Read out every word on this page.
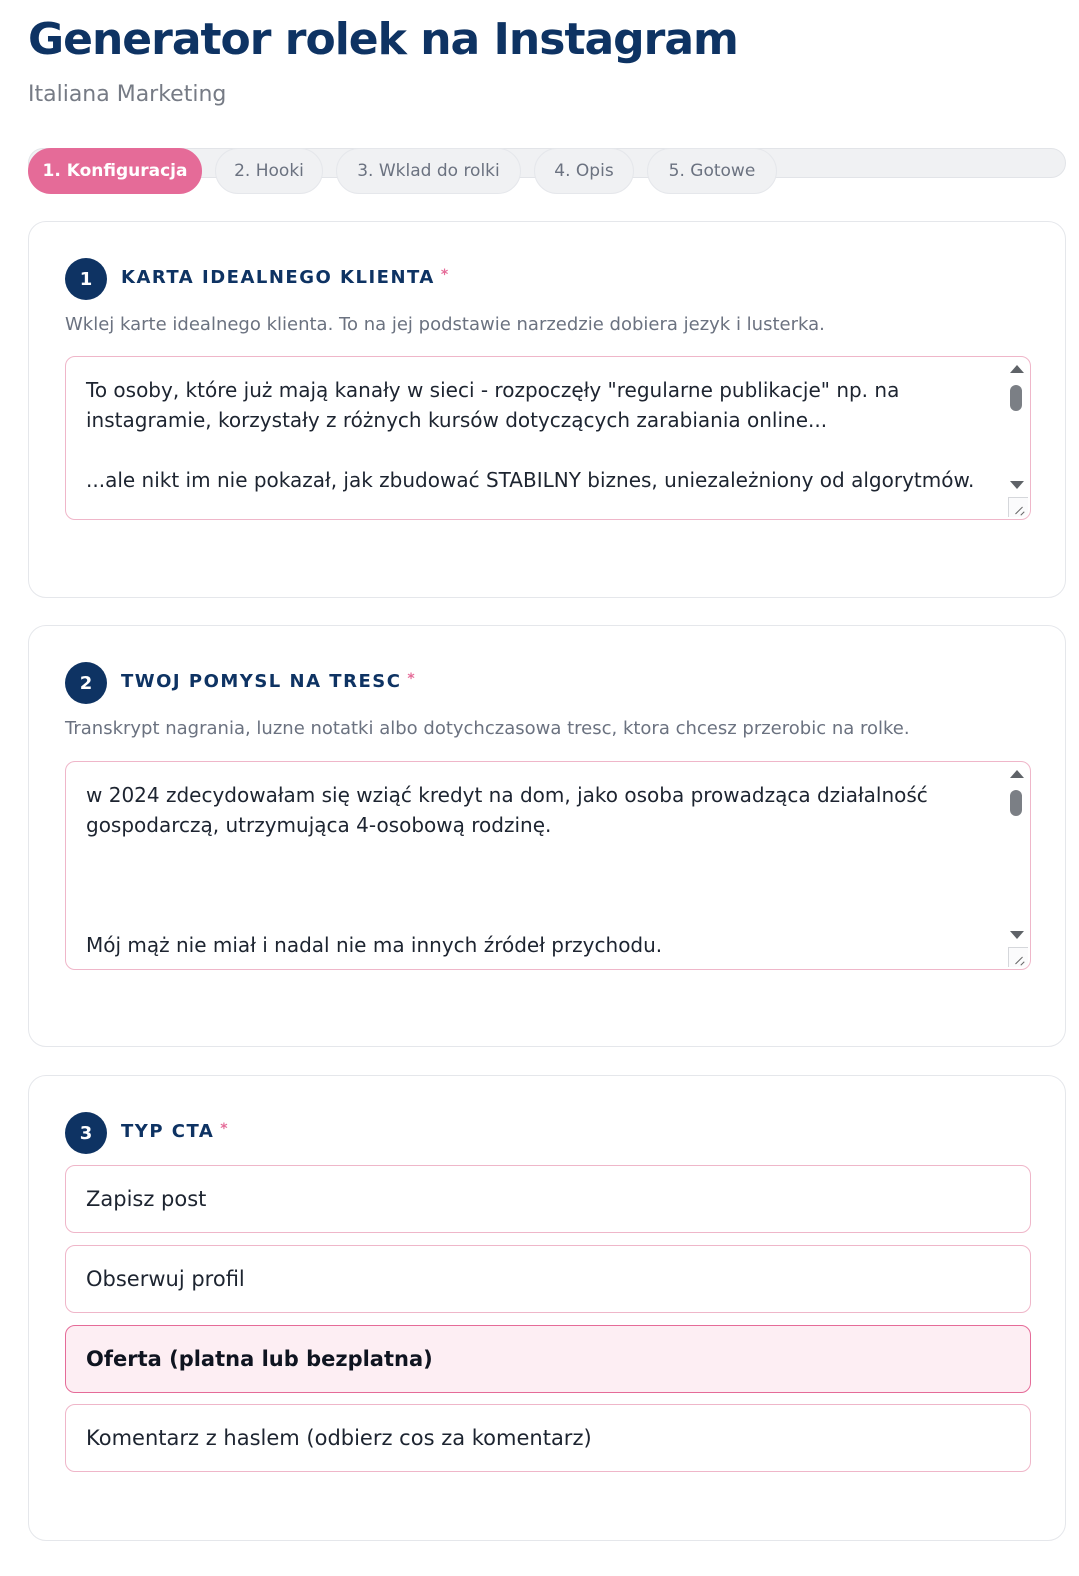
Generator rolek na Instagram
Italiana Marketing
1. Konfiguracja	2. Hooki	3. Wklad do rolki	4. Opis	5. Gotowe
1	KARTA IDEALNEGO KLIENTA *
Wklej karte idealnego klienta. To na jej podstawie narzedzie dobiera jezyk i lusterka.
To osoby, które już mają kanały w sieci - rozpoczęły "regularne publikacje" np. na instagramie, korzystały z różnych kursów dotyczących zarabiania online...

...ale nikt im nie pokazał, jak zbudować STABILNY biznes, uniezależniony od algorytmów.
2	TWOJ POMYSL NA TRESC *
Transkrypt nagrania, luzne notatki albo dotychczasowa tresc, ktora chcesz przerobic na rolke.
w 2024 zdecydowałam się wziąć kredyt na dom, jako osoba prowadząca działalność gospodarczą, utrzymująca 4-osobową rodzinę.

Mój mąż nie miał i nadal nie ma innych źródeł przychodu.
3	TYP CTA *
Zapisz post
Obserwuj profil
Oferta (platna lub bezplatna)
Komentarz z haslem (odbierz cos za komentarz)
